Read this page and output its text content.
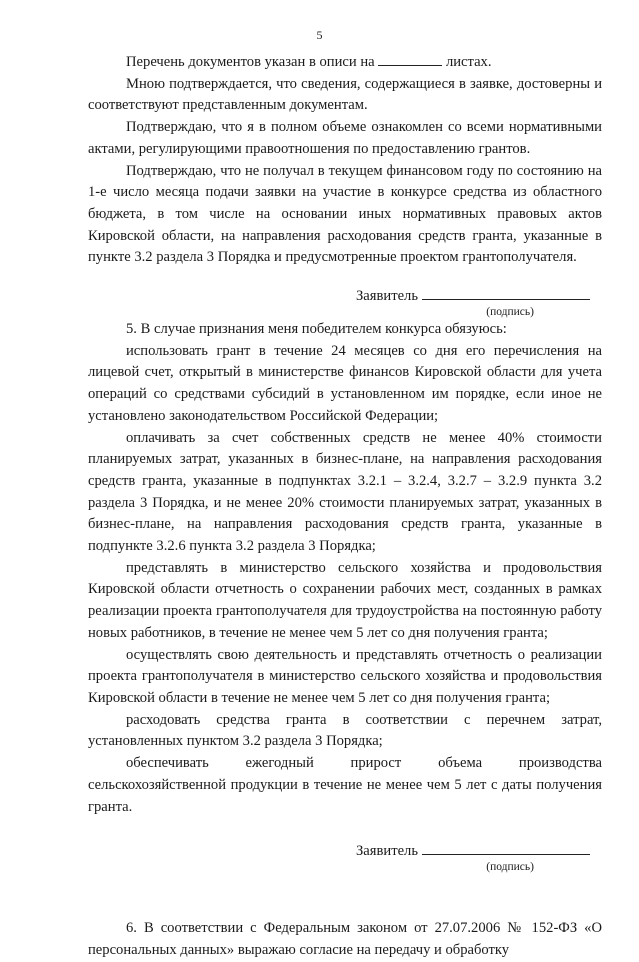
5

Перечень документов указан в описи на	листах.

Мною подтверждается, что сведения, содержащиеся в заявке, достоверны и соответствуют представленным документам.

Подтверждаю, что я в полном объеме ознакомлен со всеми нормативными актами, регулирующими правоотношения по предоставлению грантов.

Подтверждаю, что не получал в текущем финансовом году по состоянию на 1-е число месяца подачи заявки на участие в конкурсе средства из областного бюджета, в том числе на основании иных нормативных правовых актов Кировской области, на направления расходования средств гранта, указанные в пункте 3.2 раздела 3 Порядка и предусмотренные проектом грантополучателя.

Заявитель
(подпись)

5. В случае признания меня победителем конкурса обязуюсь:

использовать грант в течение 24 месяцев со дня его перечисления на лицевой счет, открытый в министерстве финансов Кировской области для учета операций со средствами субсидий в установленном им порядке, если иное не установлено законодательством Российской Федерации;

оплачивать за счет собственных средств не менее 40% стоимости планируемых затрат, указанных в бизнес-плане, на направления расходования средств гранта, указанные в подпунктах 3.2.1 – 3.2.4, 3.2.7 – 3.2.9 пункта 3.2 раздела 3 Порядка, и не менее 20% стоимости планируемых затрат, указанных в бизнес-плане, на направления расходования средств гранта, указанные в подпункте 3.2.6 пункта 3.2 раздела 3 Порядка;

представлять в министерство сельского хозяйства и продовольствия Кировской области отчетность о сохранении рабочих мест, созданных в рамках реализации проекта грантополучателя для трудоустройства на постоянную работу новых работников, в течение не менее чем 5 лет со дня получения гранта;

осуществлять свою деятельность и представлять отчетность о реализации проекта грантополучателя в министерство сельского хозяйства и продовольствия Кировской области в течение не менее чем 5 лет со дня получения гранта;

расходовать средства гранта в соответствии с перечнем затрат, установленных пунктом 3.2 раздела 3 Порядка;

обеспечивать ежегодный прирост объема производства сельскохозяйственной продукции в течение не менее чем 5 лет с даты получения гранта.

Заявитель
(подпись)

6. В соответствии с Федеральным законом от 27.07.2006 № 152-ФЗ «О персональных данных» выражаю согласие на передачу и обработку
